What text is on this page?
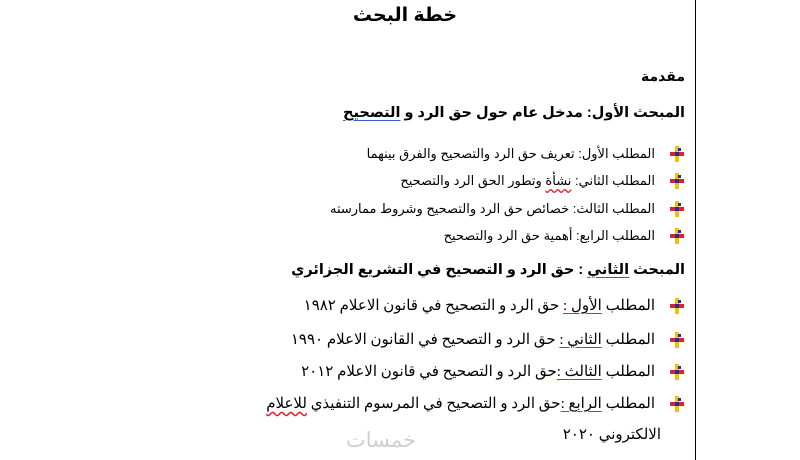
خطة البحث
مقدمة
المبحث الأول: مدخل عام حول حق الرد و التصحيح
المطلب الأول: تعريف حق الرد والتصحيح والفرق بينهما
المطلب الثاني: نشأة وتطور الحق الرد والتصحيح
المطلب الثالث: خصائص حق الرد والتصحيح وشروط ممارسته
المطلب الرابع: أهمية حق الرد والتصحيح
المبحث الثاني : حق الرد و التصحيح في التشريع الجزائري
المطلب الأول : حق الرد و التصحيح في قانون الاعلام ١٩٨٢
المطلب الثاني : حق الرد و التصحيح في القانون الاعلام ١٩٩٠
المطلب الثالث :حق الرد و التصحيح في قانون الاعلام ٢٠١٢
المطلب الرابع :حق الرد و التصحيح في المرسوم التنفيذي للاعلام
الالكتروني ٢٠٢٠
خمسات
